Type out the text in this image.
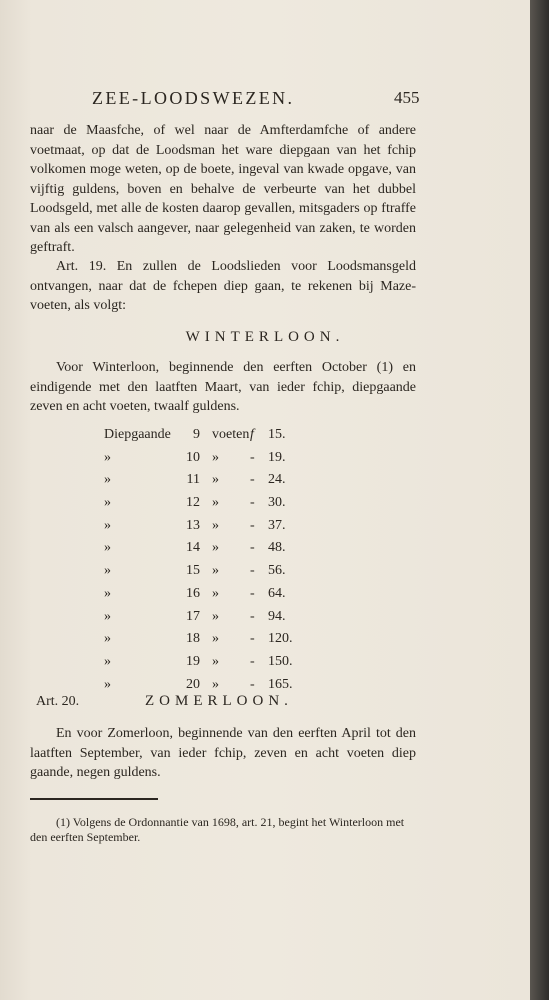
ZEE-LOODSWEZEN.	455

naar de Maasfche, of wel naar de Amfterdamfche of andere voetmaat, op dat de Loodsman het ware diepgaan van het fchip volkomen moge weten, op de boete, ingeval van kwade opgave, van vijftig guldens, boven en behalve de verbeurte van het dubbel Loodsgeld, met alle de kosten daarop gevallen, mitsgaders op ftraffe van als een valsch aangever, naar gelegenheid van zaken, te worden geftraft.

Art. 19. En zullen de Loodslieden voor Loodsmansgeld ontvangen, naar dat de fchepen diep gaan, te rekenen bij Maze-voeten, als volgt:

WINTERLOON.

Voor Winterloon, beginnende den eerften October (1) en eindigende met den laatften Maart, van ieder fchip, diepgaande zeven en acht voeten, twaalf guldens.

Diepgaande	9 voeten f 15.
»	10 » - 19.
»	11 » - 24.
»	12 » - 30.
»	13 » - 37.
»	14 » - 48.
»	15 » - 56.
»	16 » - 64.
»	17 » - 94.
»	18 » - 120.
»	19 » - 150.
»	20 » - 165.
Art. 20.	ZOMERLOON.

En voor Zomerloon, beginnende van den eerften April tot den laatften September, van ieder fchip, zeven en acht voeten diep gaande, negen guldens.

(1) Volgens de Ordonnantie van 1698, art. 21, begint het Winterloon met den eerften September.
